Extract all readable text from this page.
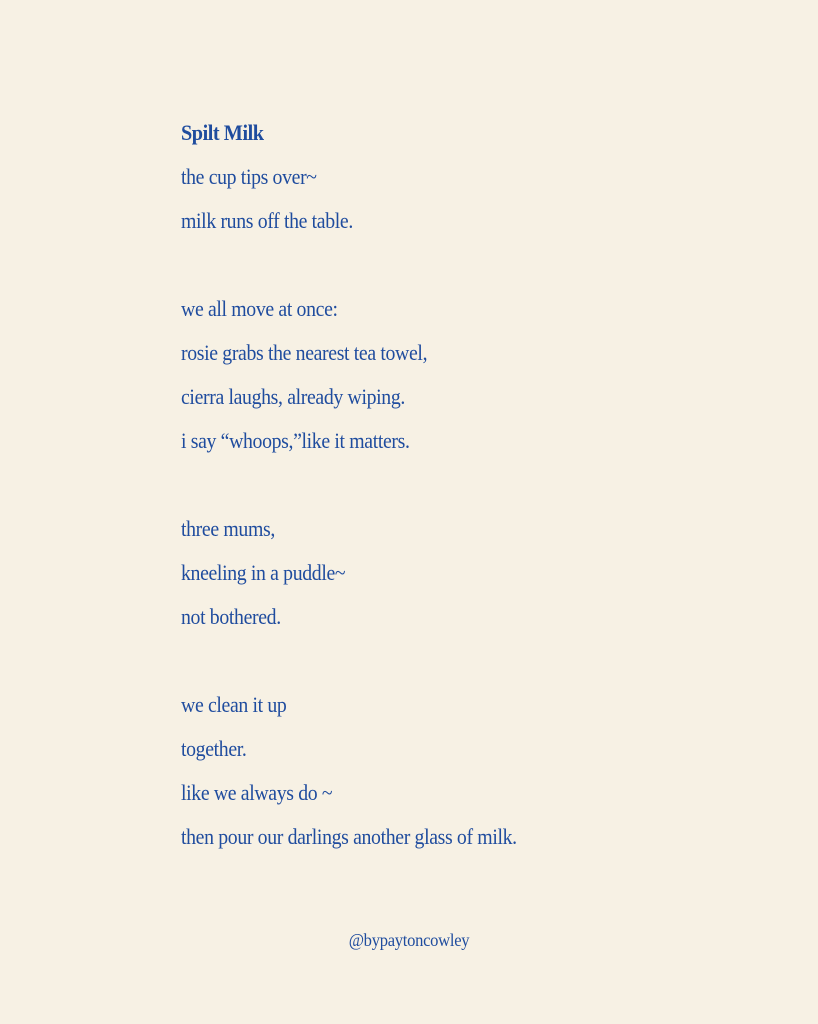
Spilt Milk
the cup tips over~
milk runs off the table.
we all move at once:
rosie grabs the nearest tea towel,
cierra laughs, already wiping.
i say “whoops,”like it matters.
three mums,
kneeling in a puddle~
not bothered.
we clean it up
together.
like we always do ~
then pour our darlings another glass of milk.
@bypaytoncowley
